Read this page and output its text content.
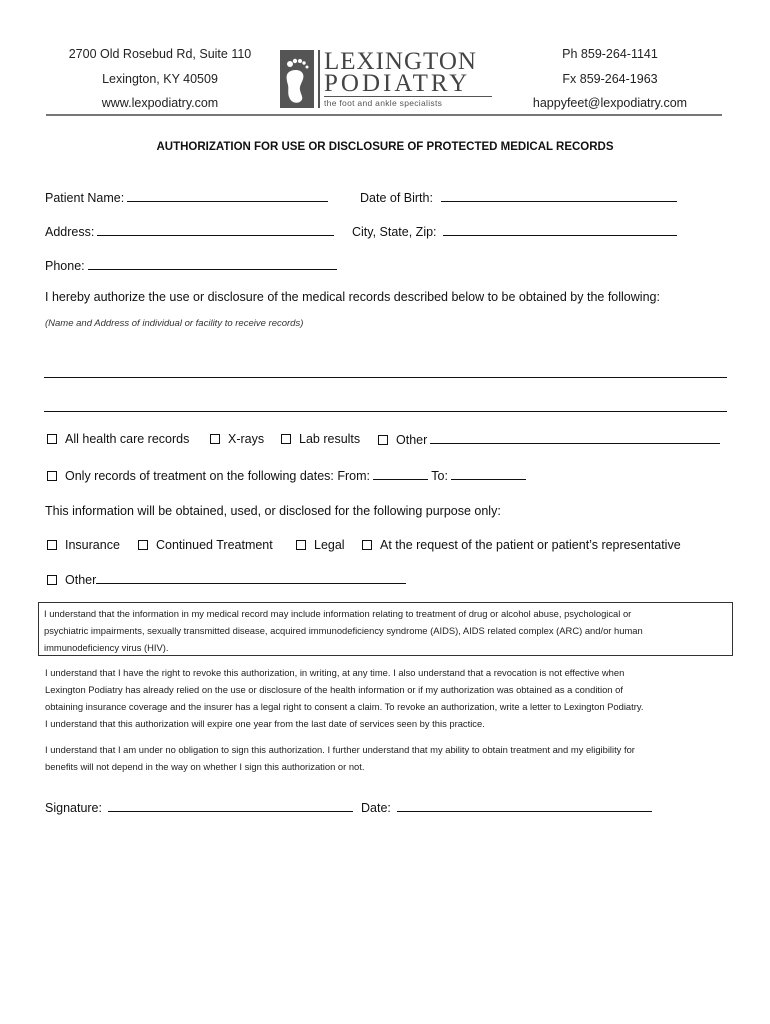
2700 Old Rosebud Rd, Suite 110
Lexington, KY 40509
www.lexpodiatry.com
Ph 859-264-1141
Fx 859-264-1963
happyfeet@lexpodiatry.com
LEXINGTON
PODIATRY
the foot and ankle specialists
AUTHORIZATION FOR USE OR DISCLOSURE OF PROTECTED MEDICAL RECORDS
Patient Name:	Date of Birth:
Address:	City, State, Zip:
Phone:
I hereby authorize the use or disclosure of the medical records described below to be obtained by the following:
(Name and Address of individual or facility to receive records)
All health care records	X-rays	Lab results	Other
Only records of treatment on the following dates: From:	To:
This information will be obtained, used, or disclosed for the following purpose only:
Insurance	Continued Treatment	Legal	At the request of the patient or patient’s representative
Other
I understand that the information in my medical record may include information relating to treatment of drug or alcohol abuse, psychological or
psychiatric impairments, sexually transmitted disease, acquired immunodeficiency syndrome (AIDS), AIDS related complex (ARC) and/or human
immunodeficiency virus (HIV).
I understand that I have the right to revoke this authorization, in writing, at any time. I also understand that a revocation is not effective when
Lexington Podiatry has already relied on the use or disclosure of the health information or if my authorization was obtained as a condition of
obtaining insurance coverage and the insurer has a legal right to consent a claim. To revoke an authorization, write a letter to Lexington Podiatry.
I understand that this authorization will expire one year from the last date of services seen by this practice.
I understand that I am under no obligation to sign this authorization. I further understand that my ability to obtain treatment and my eligibility for
benefits will not depend in the way on whether I sign this authorization or not.
Signature:	Date:
